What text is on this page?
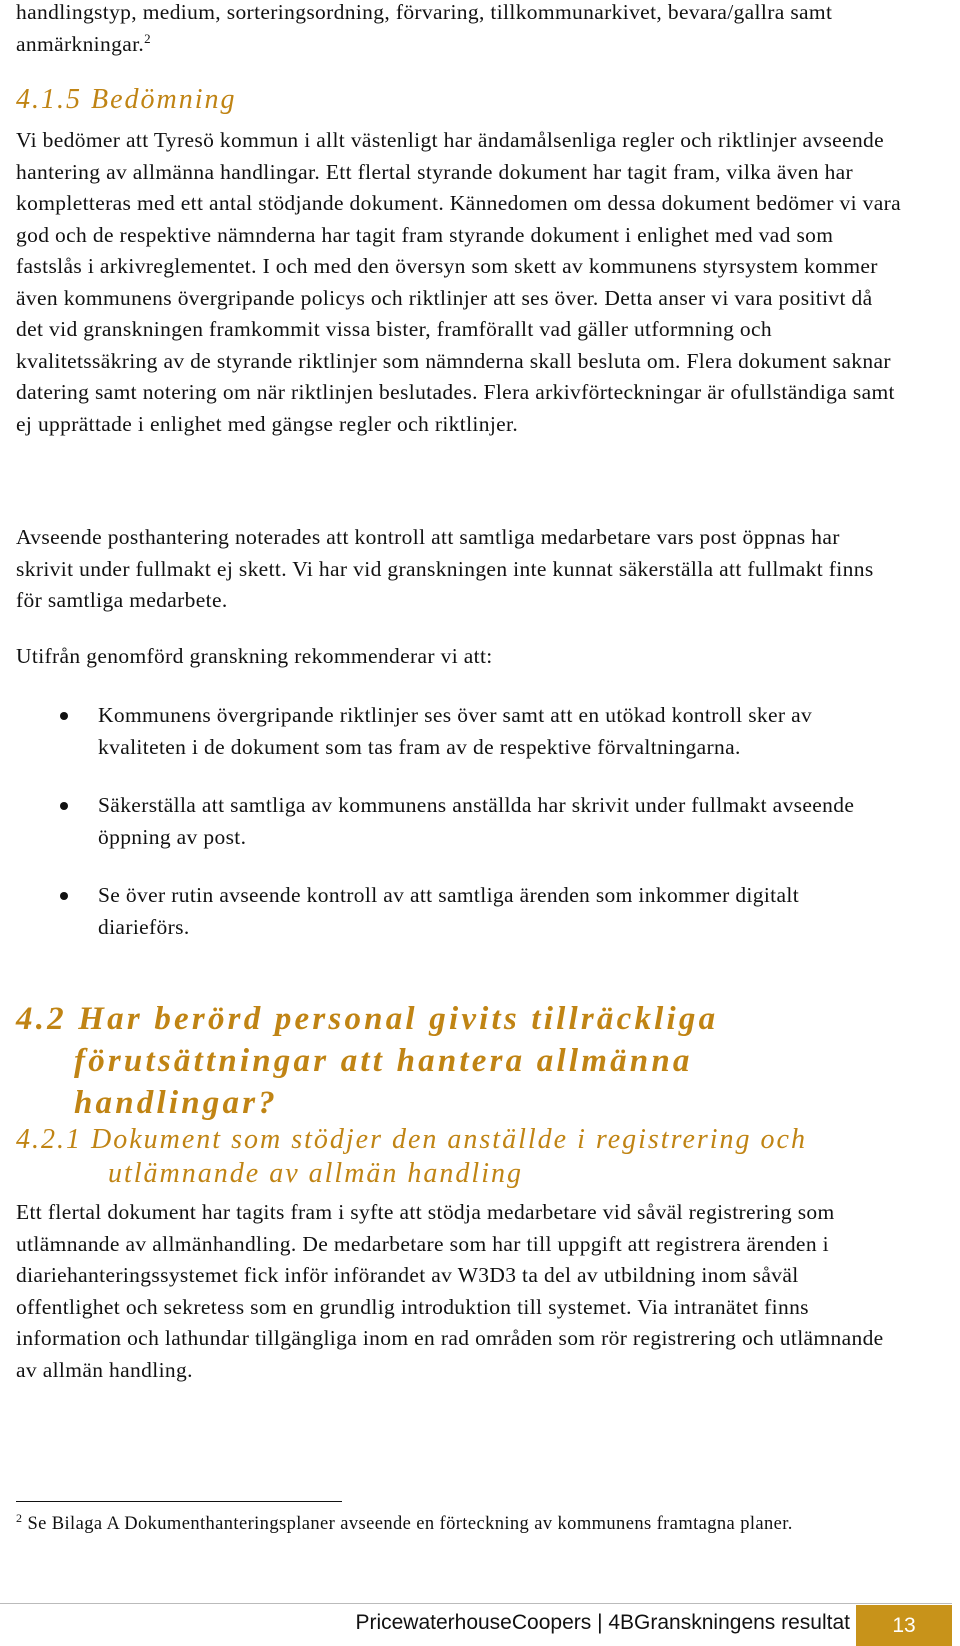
handlingstyp, medium, sorteringsordning, förvaring, tillkommunarkivet, bevara/gallra samt anmärkningar.$^2$

4.1.5 Bedömning

Vi bedömer att Tyresö kommun i allt västenligt har ändamålsenliga regler och riktlinjer avseende hantering av allmänna handlingar. Ett flertal styrande dokument har tagit fram, vilka även har kompletteras med ett antal stödjande dokument. Kännedomen om dessa dokument bedömer vi vara god och de respektive nämnderna har tagit fram styrande dokument i enlighet med vad som fastslås i arkivreglementet. I och med den översyn som skett av kommunens styrsystem kommer även kommunens övergripande policys och riktlinjer att ses över. Detta anser vi vara positivt då det vid granskningen framkommit vissa bister, framförallt vad gäller utformning och kvalitetssäkring av de styrande riktlinjer som nämnderna skall besluta om. Flera dokument saknar datering samt notering om när riktlinjen beslutades. Flera arkivförteckningar är ofullständiga samt ej upprättade i enlighet med gängse regler och riktlinjer.

Avseende posthantering noterades att kontroll att samtliga medarbetare vars post öppnas har skrivit under fullmakt ej skett. Vi har vid granskningen inte kunnat säkerställa att fullmakt finns för samtliga medarbete.

Utifrån genomförd granskning rekommenderar vi att:

Kommunens övergripande riktlinjer ses över samt att en utökad kontroll sker av kvaliteten i de dokument som tas fram av de respektive förvaltningarna.
Säkerställa att samtliga av kommunens anställda har skrivit under fullmakt avseende öppning av post.
Se över rutin avseende kontroll av att samtliga ärenden som inkommer digitalt diarieförs.
4.2 Har berörd personal givits tillräckliga förutsättningar att hantera allmänna handlingar?
4.2.1 Dokument som stödjer den anställde i registrering och utlämnande av allmän handling

Ett flertal dokument har tagits fram i syfte att stödja medarbetare vid såväl registrering som utlämnande av allmänhandling. De medarbetare som har till uppgift att registrera ärenden i diariehanteringssystemet fick inför införandet av W3D3 ta del av utbildning inom såväl offentlighet och sekretess som en grundlig introduktion till systemet. Via intranätet finns information och lathundar tillgängliga inom en rad områden som rör registrering och utlämnande av allmän handling.

$^2$ Se Bilaga A Dokumenthanteringsplaner avseende en förteckning av kommunens framtagna planer.

PricewaterhouseCoopers | 4BGranskningens resultat	13
